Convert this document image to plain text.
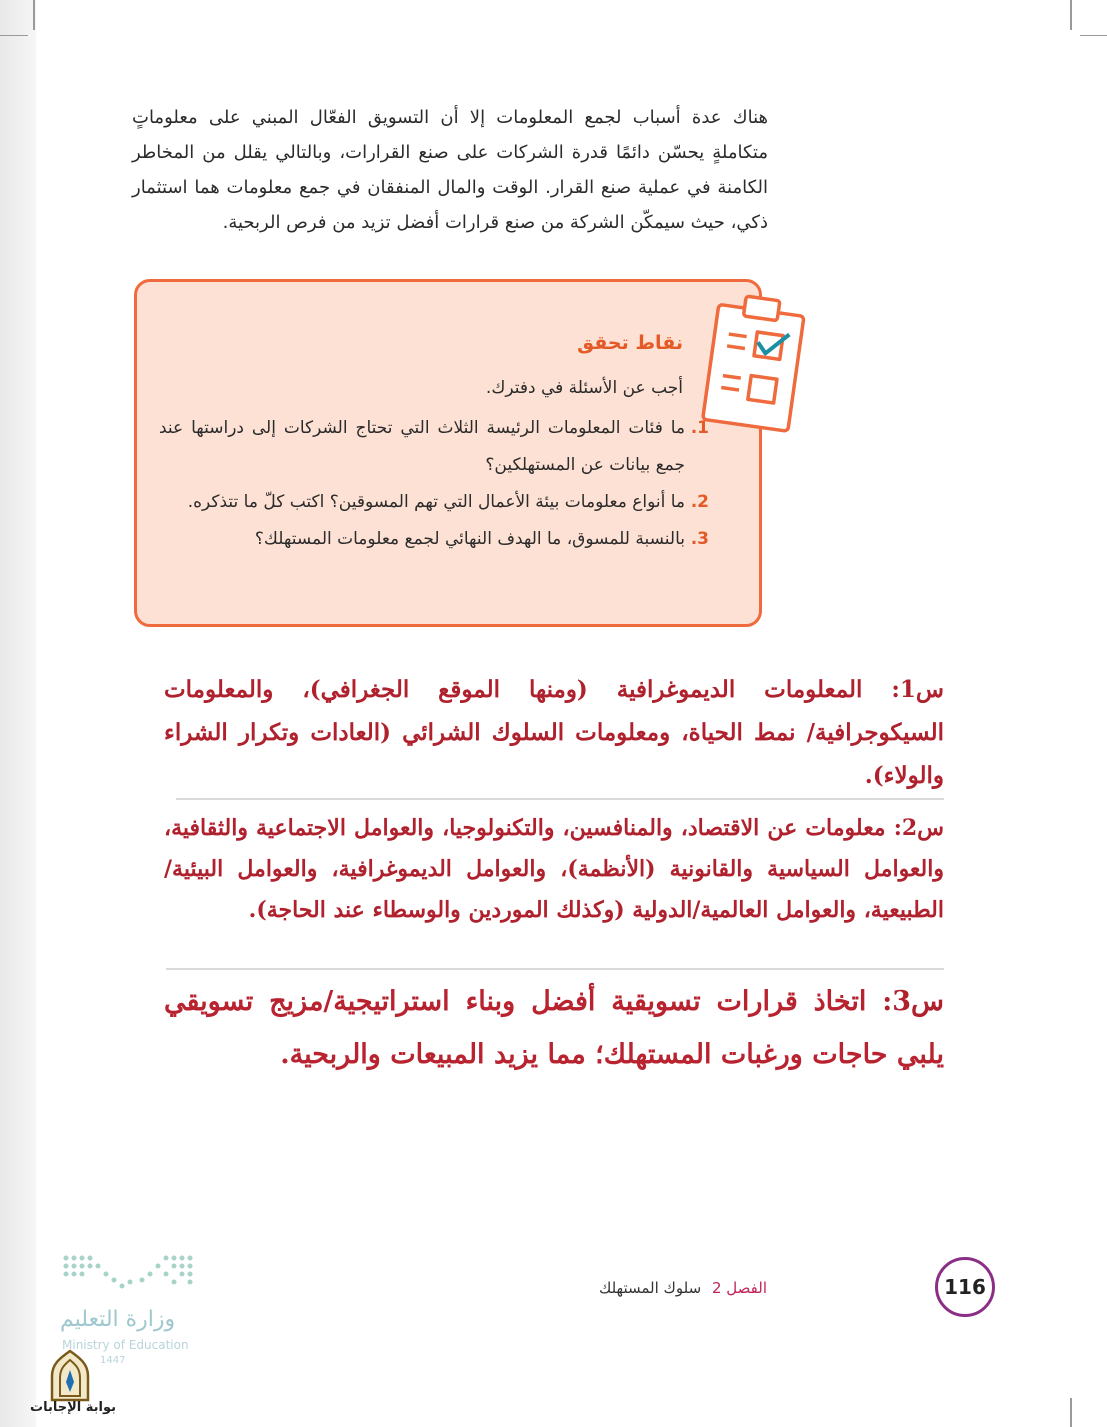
هناك عدة أسباب لجمع المعلومات إلا أن التسويق الفعّال المبني على معلوماتٍ متكاملةٍ يحسّن دائمًا قدرة الشركات على صنع القرارات، وبالتالي يقلل من المخاطر الكامنة في عملية صنع القرار. الوقت والمال المنفقان في جمع معلومات هما استثمار ذكي، حيث سيمكّن الشركة من صنع قرارات أفضل تزيد من فرص الربحية.

نقاط تحقق
أجب عن الأسئلة في دفترك.
1.
ما فئات المعلومات الرئيسة الثلاث التي تحتاج الشركات إلى دراستها عند جمع بيانات عن المستهلكين؟
2.
ما أنواع معلومات بيئة الأعمال التي تهم المسوقين؟ اكتب كلّ ما تتذكره.
3.
بالنسبة للمسوق، ما الهدف النهائي لجمع معلومات المستهلك؟

س1: المعلومات الديموغرافية (ومنها الموقع الجغرافي)، والمعلومات السيكوجرافية/ نمط الحياة، ومعلومات السلوك الشرائي (العادات وتكرار الشراء والولاء).

س2: معلومات عن الاقتصاد، والمنافسين، والتكنولوجيا، والعوامل الاجتماعية والثقافية، والعوامل السياسية والقانونية (الأنظمة)، والعوامل الديموغرافية، والعوامل البيئية/الطبيعية، والعوامل العالمية/الدولية (وكذلك الموردين والوسطاء عند الحاجة).

س3: اتخاذ قرارات تسويقية أفضل وبناء استراتيجية/مزيج تسويقي يلبي حاجات ورغبات المستهلك؛ مما يزيد المبيعات والربحية.

الفصل 2 سلوك المستهلك	116
وزارة التعليم
Ministry of Education
1447
بوابة الإجابات
